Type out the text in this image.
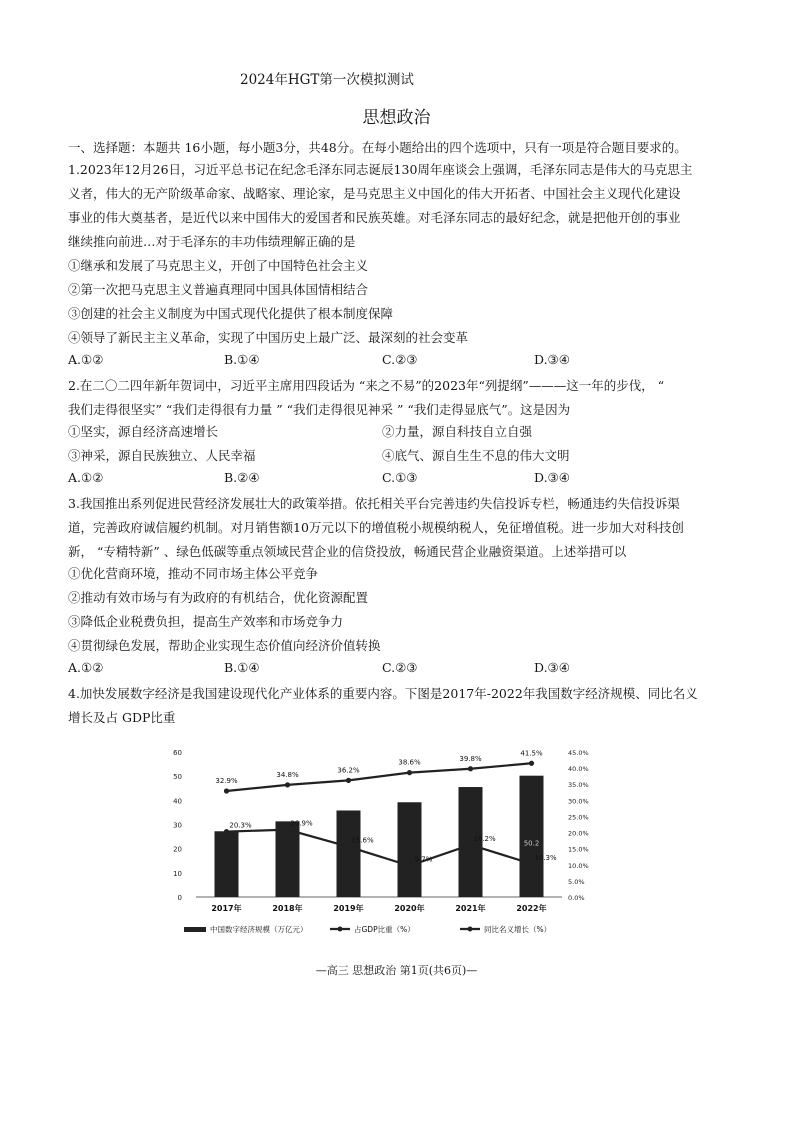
2024年HGT第一次模拟测试
思想政治
一、选择题：本题共 16小题，每小题3分，共48分。在每小题给出的四个选项中，只有一项是符合题目要求的。

1.2023年12月26日，习近平总书记在纪念毛泽东同志诞辰130周年座谈会上强调，毛泽东同志是伟大的马克思主

义者，伟大的无产阶级革命家、战略家、理论家，是马克思主义中国化的伟大开拓者、中国社会主义现代化建设

事业的伟大奠基者，是近代以来中国伟大的爱国者和民族英雄。对毛泽东同志的最好纪念，就是把他开创的事业

继续推向前进…对于毛泽东的丰功伟绩理解正确的是

①继承和发展了马克思主义，开创了中国特色社会主义
②第一次把马克思主义普遍真理同中国具体国情相结合
③创建的社会主义制度为中国式现代化提供了根本制度保障
④领导了新民主主义革命，实现了中国历史上最广泛、最深刻的社会变革
A.①②	B.①④	C.②③	D.③④

2.在二〇二四年新年贺词中，习近平主席用四段话为 “来之不易”的2023年“列提纲”———这一年的步伐， “

我们走得很坚实” “我们走得很有力量 ” “我们走得很见神采 ” “我们走得显底气”。这是因为

①坚实，源自经济高速增长	②力量，源自科技自立自强
③神采，源自民族独立、人民幸福	④底气、源自生生不息的伟大文明
A.①②	B.②④	C.①③	D.③④

3.我国推出系列促进民营经济发展壮大的政策举措。依托相关平台完善违约失信投诉专栏，畅通违约失信投诉渠

道，完善政府诚信履约机制。对月销售额10万元以下的增值税小规模纳税人，免征增值税。进一步加大对科技创

新， “专精特新” 、绿色低碳等重点领域民营企业的信贷投放，畅通民营企业融资渠道。上述举措可以

①优化营商环境，推动不同市场主体公平竞争
②推动有效市场与有为政府的有机结合，优化资源配置
③降低企业税费负担，提高生产效率和市场竞争力
④贯彻绿色发展，帮助企业实现生态价值向经济价值转换
A.①②	B.①④	C.②③	D.③④

4.加快发展数字经济是我国建设现代化产业体系的重要内容。下图是2017年-2022年我国数字经济规模、同比名义

增长及占 GDP比重

0
10
20
30
40
50
60
0.0%
5.0%
10.0%
15.0%
20.0%
25.0%
30.0%
35.0%
40.0%
45.0%
50.2
2017年	2018年	2019年	2020年	2021年	2022年
32.9%
34.8%
36.2%
38.6%	39.8%
41.5%
20.3%	20.9%
15.6%
9.7%
16.2%
10.3%
中国数字经济规模（万亿元）	占GDP比重（%）	同比名义增长（%）
—高三 思想政治 第1页(共6页)—
